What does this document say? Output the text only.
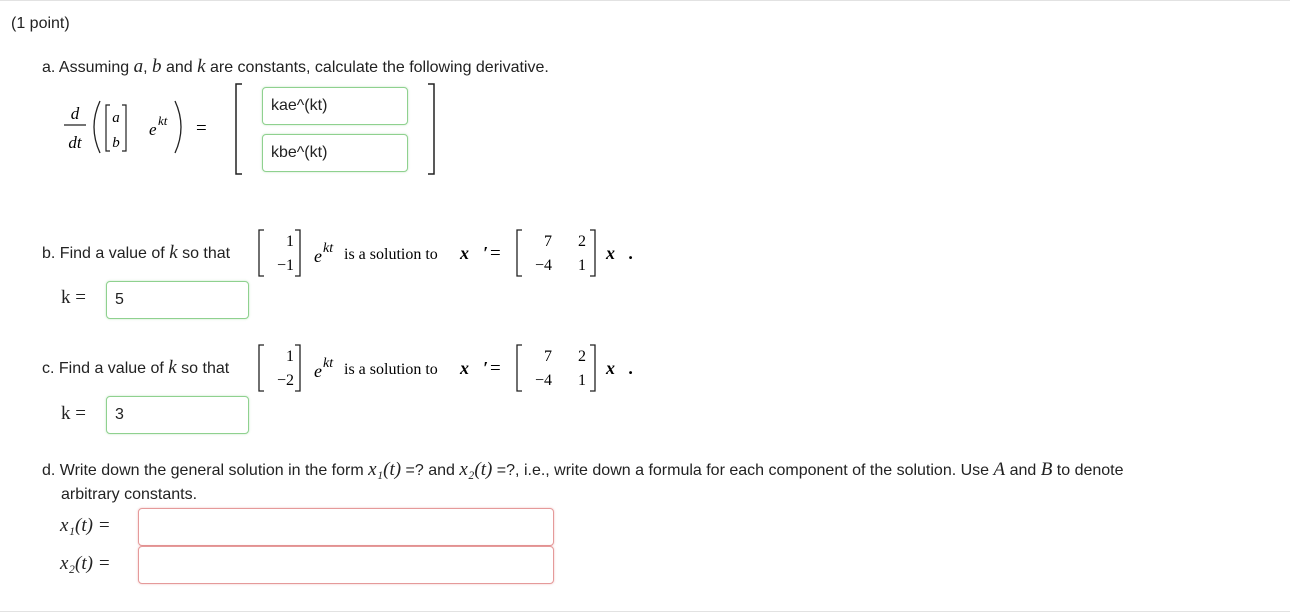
(1 point)
a. Assuming a, b and k are constants, calculate the following derivative.
d
dt
a
b
e kt =
kae^(kt)
kbe^(kt)
b. Find a value of k so that
1
−1 e kt is a solution to x⃗′ =
7 2
−4 1
x⃗.
k =
5
c. Find a value of k so that
1
−2 e kt is a solution to x⃗′ =
7 2
−4 1
x⃗.
k =
3
d. Write down the general solution in the form x₁(t) =? and x₂(t) =?, i.e., write down a formula for each component of the solution. Use A and B to denote
arbitrary constants.
x₁(t) =
x₂(t) =
